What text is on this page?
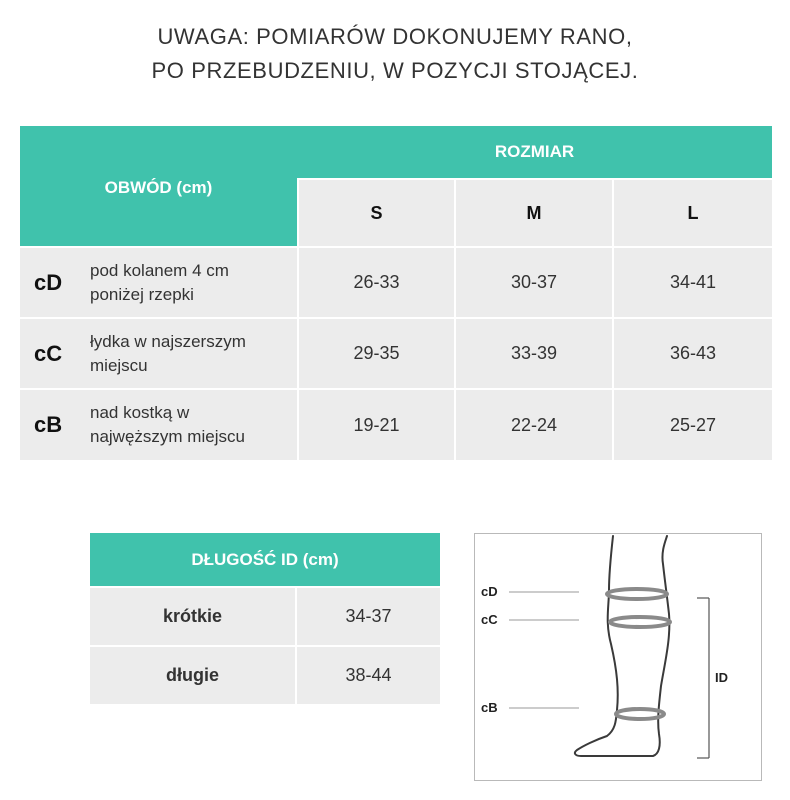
UWAGA: POMIARÓW DOKONUJEMY RANO,
PO PRZEBUDZENIU, W POZYCJI STOJĄCEJ.
OBWÓD (cm)
ROZMIAR
S	M	L
cD	pod kolanem 4 cm
poniżej rzepki
26-33	30-37	34-41
cC	łydka w najszerszym
miejscu
29-35	33-39	36-43
cB	nad kostką w
najwęższym miejscu
19-21	22-24	25-27
DŁUGOŚĆ ID (cm)
krótkie	34-37
długie	38-44
cD
cC
cB
ID
